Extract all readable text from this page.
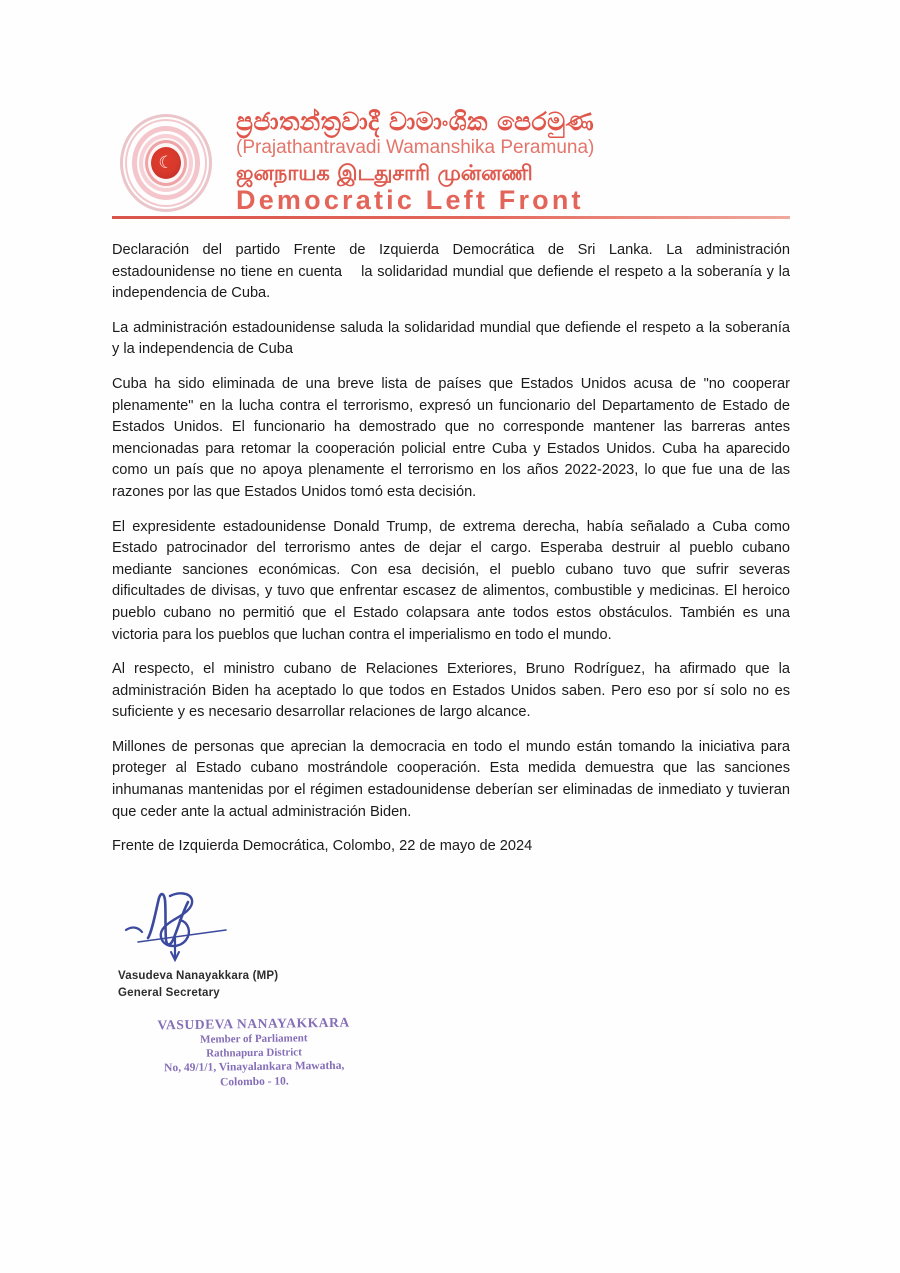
☾
ප්‍රජාතන්ත්‍රවාදී වාමාංශික පෙරමුණ
(Prajathantravadi Wamanshika Peramuna)
ஜனநாயக இடதுசாரி முன்னணி
Democratic Left Front

Declaración del partido Frente de Izquierda Democrática de Sri Lanka. La administración estadounidense no tiene en cuenta    la solidaridad mundial que defiende el respeto a la soberanía y la independencia de Cuba.

La administración estadounidense saluda la solidaridad mundial que defiende el respeto a la soberanía y la independencia de Cuba

Cuba ha sido eliminada de una breve lista de países que Estados Unidos acusa de "no cooperar plenamente" en la lucha contra el terrorismo, expresó un funcionario del Departamento de Estado de Estados Unidos. El funcionario ha demostrado que no corresponde mantener las barreras antes mencionadas para retomar la cooperación policial entre Cuba y Estados Unidos. Cuba ha aparecido como un país que no apoya plenamente el terrorismo en los años 2022-2023, lo que fue una de las razones por las que Estados Unidos tomó esta decisión.

El expresidente estadounidense Donald Trump, de extrema derecha, había señalado a Cuba como Estado patrocinador del terrorismo antes de dejar el cargo. Esperaba destruir al pueblo cubano mediante sanciones económicas. Con esa decisión, el pueblo cubano tuvo que sufrir severas dificultades de divisas, y tuvo que enfrentar escasez de alimentos, combustible y medicinas. El heroico pueblo cubano no permitió que el Estado colapsara ante todos estos obstáculos. También es una victoria para los pueblos que luchan contra el imperialismo en todo el mundo.

Al respecto, el ministro cubano de Relaciones Exteriores, Bruno Rodríguez, ha afirmado que la administración Biden ha aceptado lo que todos en Estados Unidos saben. Pero eso por sí solo no es suficiente y es necesario desarrollar relaciones de largo alcance.

Millones de personas que aprecian la democracia en todo el mundo están tomando la iniciativa para proteger al Estado cubano mostrándole cooperación. Esta medida demuestra que las sanciones inhumanas mantenidas por el régimen estadounidense deberían ser eliminadas de inmediato y tuvieran que ceder ante la actual administración Biden.

Frente de Izquierda Democrática, Colombo, 22 de mayo de 2024

Vasudeva Nanayakkara (MP)
General Secretary
VASUDEVA NANAYAKKARA
Member of Parliament
Rathnapura District
No, 49/1/1, Vinayalankara Mawatha,
Colombo - 10.
